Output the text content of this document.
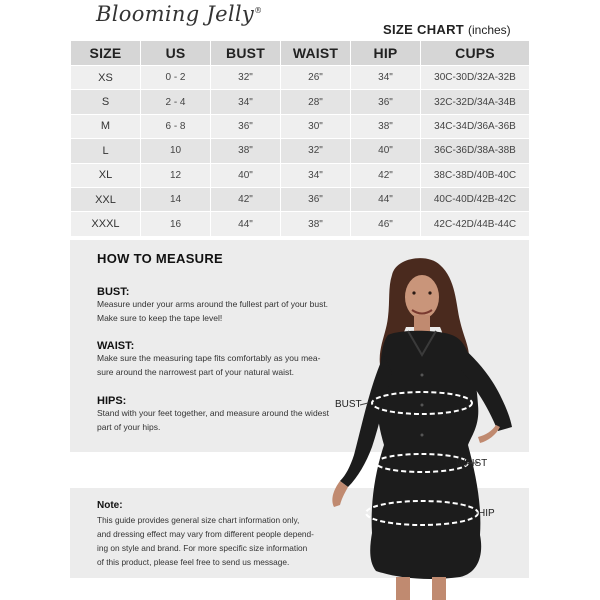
Blooming Jelly®
SIZE CHART (inches)
SIZE	US	BUST	WAIST	HIP	CUPS
XS	0 - 2	32"	26"	34"	30C-30D/32A-32B
S	2 - 4	34"	28"	36"	32C-32D/34A-34B
M	6 - 8	36"	30"	38"	34C-34D/36A-36B
L	10	38"	32"	40"	36C-36D/38A-38B
XL	12	40"	34"	42"	38C-38D/40B-40C
XXL	14	42"	36"	44"	40C-40D/42B-42C
XXXL	16	44"	38"	46"	42C-42D/44B-44C
HOW TO MEASURE
BUST:
Measure under your arms around the fullest part of your bust.
Make sure to keep the tape level!
WAIST:
Make sure the measuring tape fits comfortably as you mea-
sure around the narrowest part of your natural waist.
HIPS:
Stand with your feet together, and measure around the widest
part of your hips.
Note:
This guide provides general size chart information only,
and dressing effect may vary from different people depend-
ing on style and brand. For more specific size information
of this product, please feel free to send us message.
BUST
WAIST
HIP
